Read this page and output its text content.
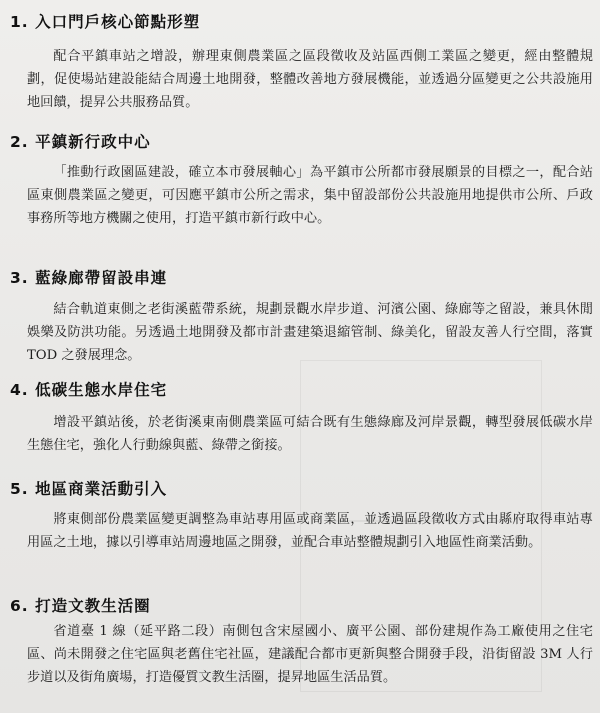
1. 入口門戶核心節點形塑

配合平鎮車站之增設，辦理東側農業區之區段徵收及站區西側工業區之變更，經由整體規劃，促使場站建設能結合周邊土地開發，整體改善地方發展機能，並透過分區變更之公共設施用地回饋，提昇公共服務品質。

2. 平鎮新行政中心

「推動行政園區建設，確立本市發展軸心」為平鎮市公所都市發展願景的目標之一，配合站區東側農業區之變更，可因應平鎮市公所之需求，集中留設部份公共設施用地提供市公所、戶政事務所等地方機關之使用，打造平鎮市新行政中心。

3. 藍綠廊帶留設串連

結合軌道東側之老街溪藍帶系統，規劃景觀水岸步道、河濱公園、綠廊等之留設，兼具休閒娛樂及防洪功能。另透過土地開發及都市計畫建築退縮管制、綠美化，留設友善人行空間，落實 TOD 之發展理念。

4. 低碳生態水岸住宅

增設平鎮站後，於老街溪東南側農業區可結合既有生態綠廊及河岸景觀，轉型發展低碳水岸生態住宅，強化人行動線與藍、綠帶之銜接。

5. 地區商業活動引入

將東側部份農業區變更調整為車站專用區或商業區，並透過區段徵收方式由縣府取得車站專用區之土地，據以引導車站周邊地區之開發，並配合車站整體規劃引入地區性商業活動。

6. 打造文教生活圈

省道臺 1 線（延平路二段）南側包含宋屋國小、廣平公園、部份建規作為工廠使用之住宅區、尚未開發之住宅區與老舊住宅社區，建議配合都市更新與整合開發手段，沿街留設 3M 人行步道以及街角廣場，打造優質文教生活圈，提昇地區生活品質。
